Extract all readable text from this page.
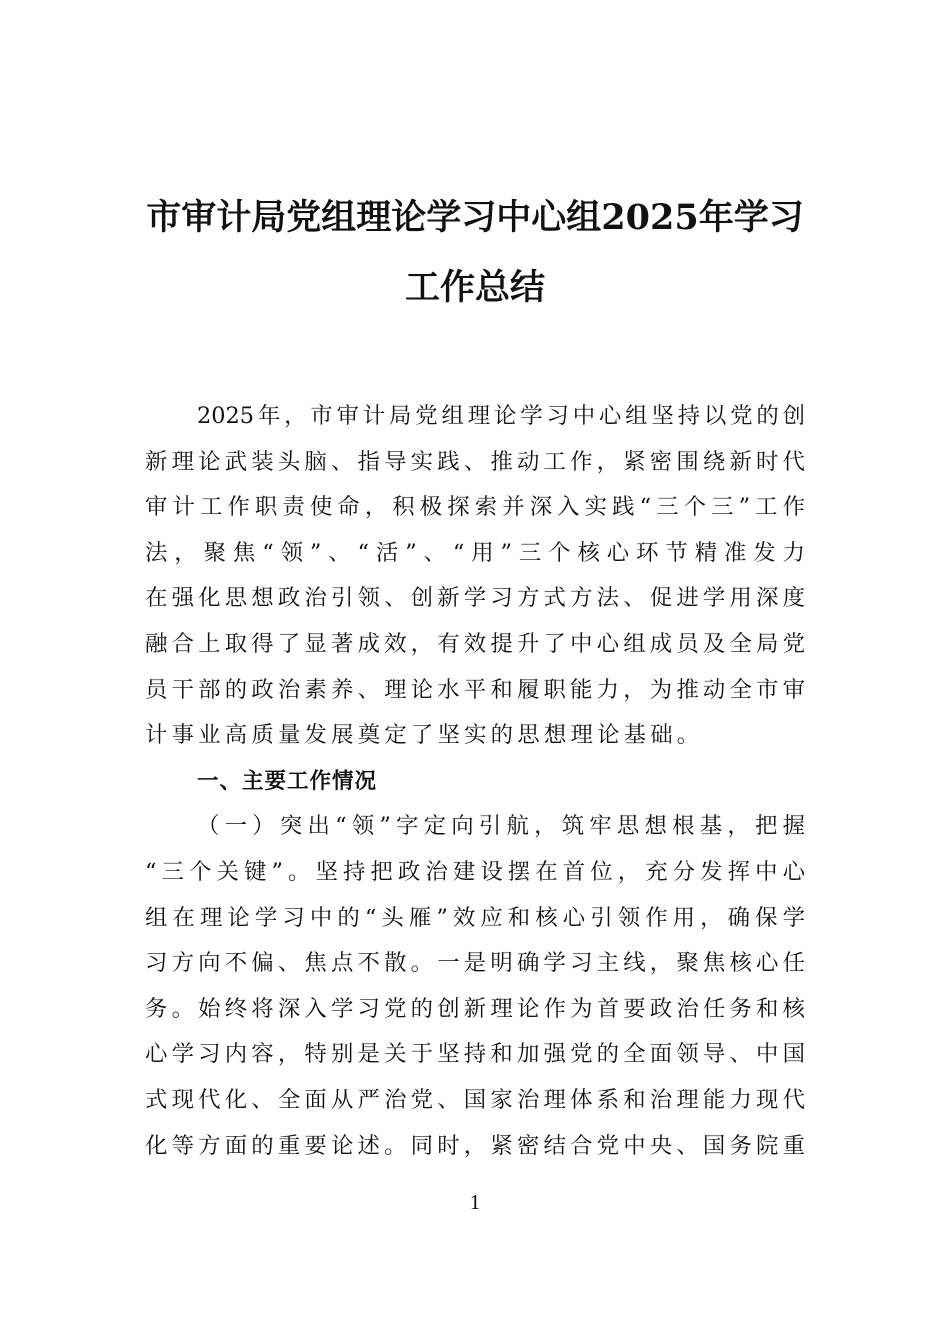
市审计局党组理论学习中心组2025年学习
工作总结
2025年，市审计局党组理论学习中心组坚持以党的创
新理论武装头脑、指导实践、推动工作，紧密围绕新时代
审计工作职责使命，积极探索并深入实践“三个三”工作
法，聚焦“领”、“活”、“用”三个核心环节精准发力
在强化思想政治引领、创新学习方式方法、促进学用深度
融合上取得了显著成效，有效提升了中心组成员及全局党
员干部的政治素养、理论水平和履职能力，为推动全市审
计事业高质量发展奠定了坚实的思想理论基础。
一、主要工作情况
（一）突出“领”字定向引航，筑牢思想根基，把握
“三个关键”。坚持把政治建设摆在首位，充分发挥中心
组在理论学习中的“头雁”效应和核心引领作用，确保学
习方向不偏、焦点不散。一是明确学习主线，聚焦核心任
务。始终将深入学习党的创新理论作为首要政治任务和核
心学习内容，特别是关于坚持和加强党的全面领导、中国
式现代化、全面从严治党、国家治理体系和治理能力现代
化等方面的重要论述。同时，紧密结合党中央、国务院重
1
